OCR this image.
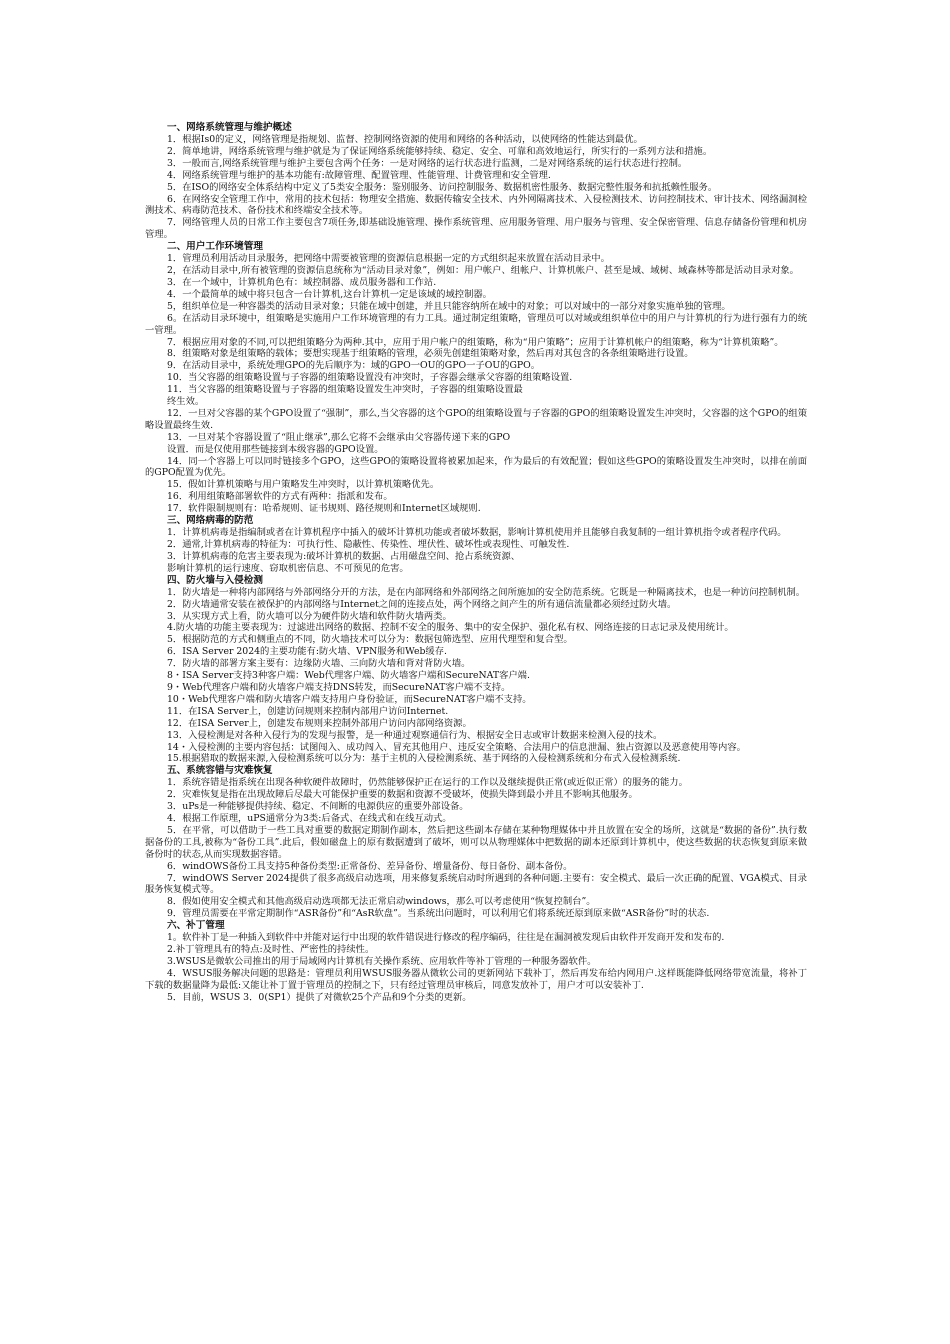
一、网络系统管理与维护概述
1．根据Is0的定义，网络管理是指规划、监督、控制网络资源的使用和网络的各种活动，以使网络的性能达到最优。
2．简单地讲，网络系统管理与维护就是为了保证网络系统能够持续、稳定、安全、可靠和高效地运行，所实行的一系列方法和措施。
3．一般而言,网络系统管理与维护主要包含两个任务：一是对网络的运行状态进行监测，二是对网络系统的运行状态进行控制。
4．网络系统管理与维护的基本功能有:故障管理、配置管理、性能管理、计费管理和安全管理.
5．在ISO的网络安全体系结构中定义了5类安全服务：鉴别服务、访问控制服务、数据机密性服务、数据完整性服务和抗抵赖性服务。
6．在网络安全管理工作中，常用的技术包括：物理安全措施、数据传输安全技术、内外网隔离技术、入侵检测技术、访问控制技术、审计技术、网络漏洞检测技术、病毒防范技术、备份技术和终端安全技术等。
7．网络管理人员的日常工作主要包含7项任务,即基础设施管理、操作系统管理、应用服务管理、用户服务与管理、安全保密管理、信息存储备份管理和机房管理。
二、用户工作环境管理
1．管理员利用活动目录服务，把网络中需要被管理的资源信息根据一定的方式组织起来放置在活动目录中。
2，在活动目录中,所有被管理的资源信息统称为“活动目录对象”，例如：用户帐户、组帐户、计算机帐户、甚至是域、域树、域森林等都是活动目录对象。
3．在一个域中，计算机角色有：域控制器、成员服务器和工作站.
4．一个最简单的域中将只包含一台计算机,这台计算机一定是该域的域控制器。
5，组织单位是一种容器类的活动目录对象；只能在域中创建，并且只能容纳所在域中的对象；可以对域中的一部分对象实施单独的管理。
6。在活动目录环境中，组策略是实施用户工作环境管理的有力工具。通过制定组策略，管理员可以对域或组织单位中的用户与计算机的行为进行强有力的统一管理。
7．根据应用对象的不同,可以把组策略分为两种.其中，应用于用户帐户的组策略，称为“用户策略”；应用于计算机帐户的组策略，称为“计算机策略”。
8．组策略对象是组策略的载体；要想实现基于组策略的管理，必须先创建组策略对象，然后再对其包含的各条组策略进行设置。
9．在活动目录中，系统处理GPO的先后顺序为：域的GPO一OU的GPO一子OU的GPO。
10．当父容器的组策略设置与子容器的组策略设置没有冲突时，子容器会继承父容器的组策略设置.
11．当父容器的组策略设置与子容器的组策略设置发生冲突时，子容器的组策略设置最
终生效。
12．一旦对父容器的某个GPO设置了“强制”，那么,当父容器的这个GPO的组策略设置与子容器的GPO的组策略设置发生冲突时，父容器的这个GPO的组策略设置最终生效.
13．一旦对某个容器设置了“阻止继承”,那么它将不会继承由父容器传递下来的GPO
设置．而是仅使用那些链接到本级容器的GPO设置。
14．同一个容器上可以同时链接多个GPO，这些GPO的策略设置将被累加起来，作为最后的有效配置；假如这些GPO的策略设置发生冲突时，以排在前面的GPO配置为优先。
15．假如计算机策略与用户策略发生冲突时，以计算机策略优先。
16．利用组策略部署软件的方式有两种：指派和发布。
17．软件限制规则有：哈希规则、证书规则、路径规则和Internet区域规则.
三、网络病毒的防范
1．计算机病毒是指编制或者在计算机程序中插入的破坏计算机功能或者破坏数据，影响计算机使用并且能够自我复制的一组计算机指令或者程序代码。
2．通常,计算机病毒的特征为：可执行性、隐蔽性、传染性、埋伏性、破坏性或表现性、可触发性.
3．计算机病毒的危害主要表现为:破坏计算机的数据、占用磁盘空间、抢占系统资源、
影响计算机的运行速度、窃取机密信息、不可预见的危害。
四、防火墙与入侵检测
1．防火墙是一种将内部网络与外部网络分开的方法，是在内部网络和外部网络之间所施加的安全防范系统。它既是一种隔离技术，也是一种访问控制机制。
2．防火墙通常安装在被保护的内部网络与Internet之间的连接点处，两个网络之间产生的所有通信流量都必须经过防火墙。
3．从实现方式上看，防火墙可以分为硬件防火墙和软件防火墙两类。
4.防火墙的功能主要表现为：过滤进出网络的数据、控制不安全的服务、集中的安全保护、强化私有权、网络连接的日志记录及使用统计。
5．根据防范的方式和侧重点的不同，防火墙技术可以分为：数据包筛选型、应用代理型和复合型。
6．ISA Server 2024的主要功能有:防火墙、VPN服务和Web缓存.
7．防火墙的部署方案主要有：边缘防火墙、三向防火墙和背对背防火墙。
8・ISA Server支持3种客户端：Web代理客户端、防火墙客户端和SecureNAT客户端.
9・Web代理客户端和防火墙客户端支持DNS转发，而SecureNAT客户端不支持。
10・Web代理客户端和防火墙客户端支持用户身份验证，而SecureNAT客户端不支持。
11．在ISA Server上，创建访问规则来控制内部用户访问Internet.
12．在ISA Server上，创建发布规则来控制外部用户访问内部网络资源。
13．入侵检测是对各种入侵行为的发现与报警，是一种通过观察通信行为、根据安全日志或审计数据来检测入侵的技术。
14・入侵检测的主要内容包括：试图闯入、成功闯入、冒充其他用户、违反安全策略、合法用户的信息泄漏、独占资源以及恶意使用等内容。
15.根据猎取的数据来源,入侵检测系统可以分为：基于主机的入侵检测系统、基于网络的入侵检测系统和分布式入侵检测系统.
五、系统容错与灾难恢复
1．系统容错是指系统在出现各种软硬件故障时，仍然能够保护正在运行的工作以及继续提供正常(或近似正常）的服务的能力。
2．灾难恢复是指在出现故障后尽最大可能保护重要的数据和资源不受破坏，使损失降到最小并且不影响其他服务。
3．uPs是一种能够提供持续、稳定、不间断的电源供应的重要外部设备。
4．根据工作原理，uPS通常分为3类:后备式、在线式和在线互动式。
5．在平常，可以借助于一些工具对重要的数据定期制作副本，然后把这些副本存储在某种物理媒体中并且放置在安全的场所，这就是“数据的备份”.执行数据备份的工具,被称为“备份工具”.此后，假如磁盘上的原有数据遭到了破坏，则可以从物理媒体中把数据的副本还原到计算机中，使这些数据的状态恢复到原来做备份时的状态,从而实现数据容错。
6．windOWS备份工具支持5种备份类型:正常备份、差异备份、增量备份、每日备份、副本备份。
7．windOWS Server 2024提供了很多高级启动选项，用来修复系统启动时所遇到的各种问题.主要有：安全模式、最后一次正确的配置、VGA模式、目录服务恢复模式等。
8．假如使用安全模式和其他高级启动选项都无法正常启动windows，那么可以考虑使用“恢复控制台”。
9．管理员需要在平常定期制作“ASR备份”和“AsR软盘”。当系统出问题时，可以利用它们将系统还原到原来做“ASR备份”时的状态.
六、补丁管理
1。软件补丁是一种插入到软件中并能对运行中出现的软件错误进行修改的程序编码，往往是在漏洞被发现后由软件开发商开发和发布的.
2.补丁管理具有的特点:及时性、严密性的持续性。
3.WSUS是微软公司推出的用于局域网内计算机有关操作系统、应用软件等补丁管理的一种服务器软件。
4．WSUS服务解决问题的思路是：管理员利用WSUS服务器从微软公司的更新网站下载补丁，然后再发布给内网用户.这样既能降低网络带宽流量，将补丁下载的数据量降为最低:又能让补丁置于管理员的控制之下，只有经过管理员审核后，同意发放补丁，用户才可以安装补丁.
5．目前，WSUS 3．0(SP1）提供了对微软25个产品和9个分类的更新。
